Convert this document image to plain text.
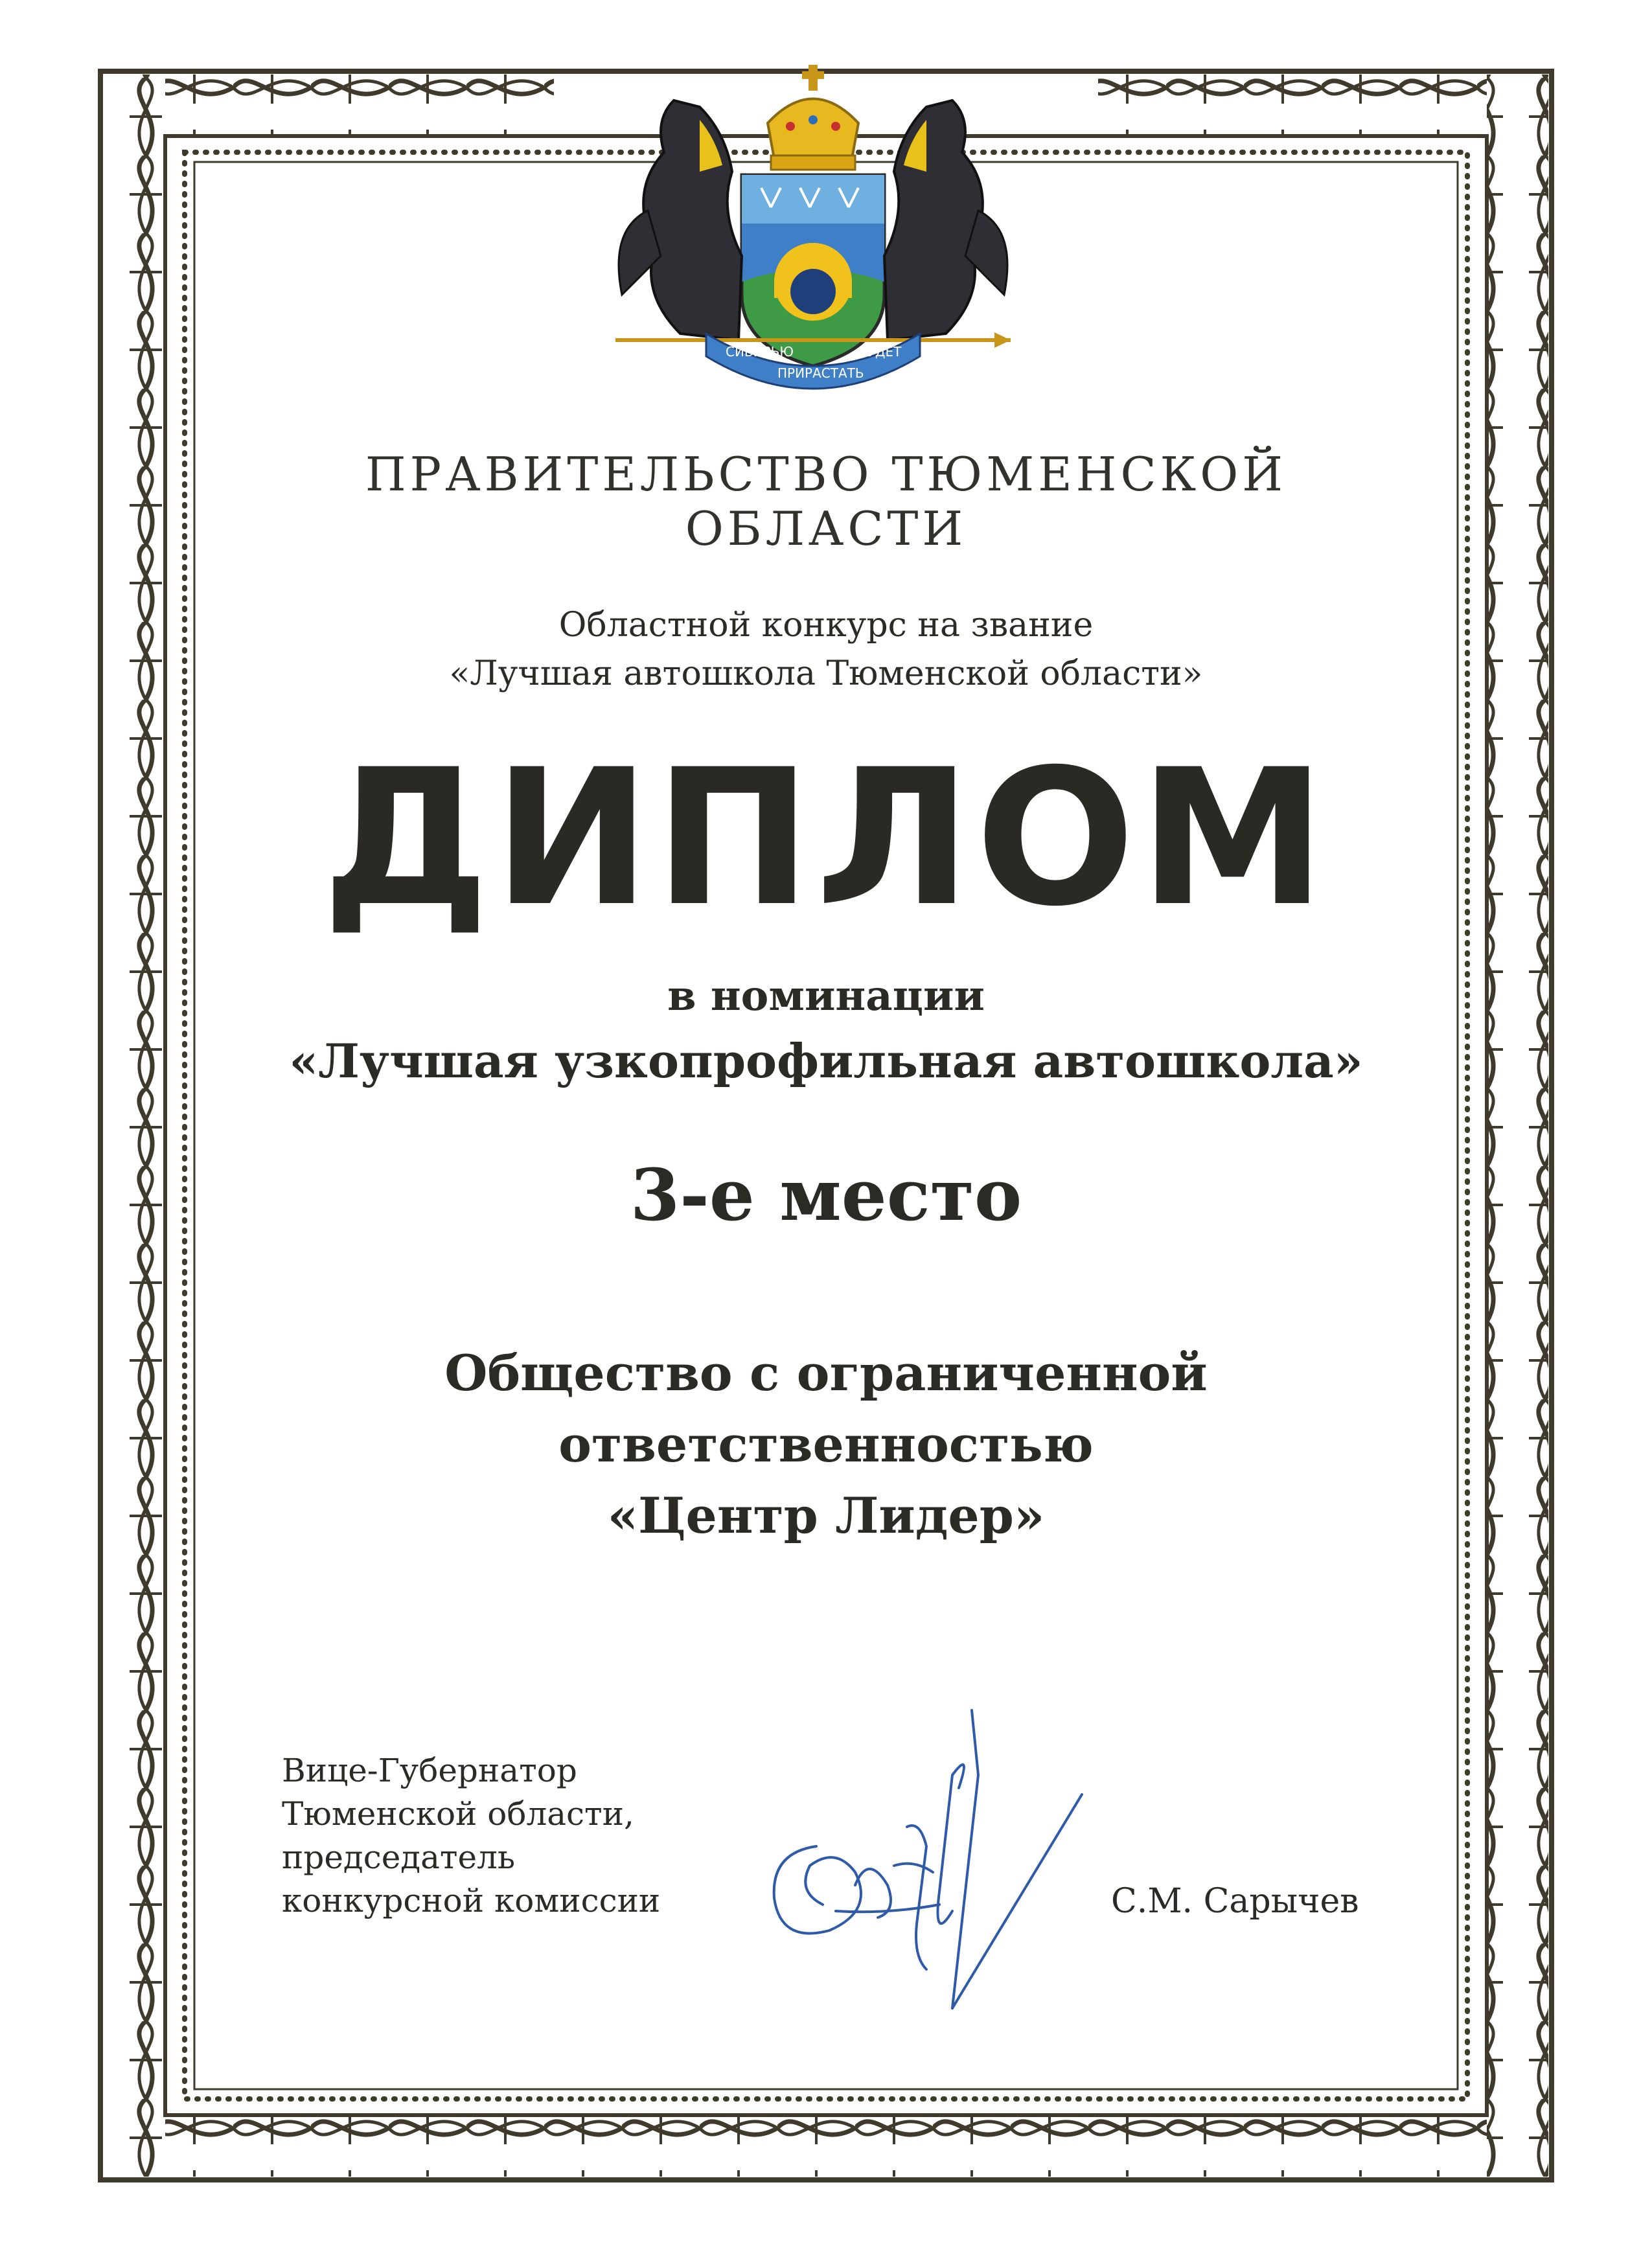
СИБИРЬЮ
ПРИРАСТАТЬ
БУДЕТ
ПРАВИТЕЛЬСТВО ТЮМЕНСКОЙ ОБЛАСТИ
Областной конкурс на звание
«Лучшая автошкола Тюменской области»
ДИПЛОМ
в номинации
«Лучшая узкопрофильная автошкола»
3-е место
Общество с ограниченной
ответственностью
«Центр Лидер»
Вице-Губернатор
Тюменской области,
председатель
конкурсной комиссии	С.М. Сарычев
